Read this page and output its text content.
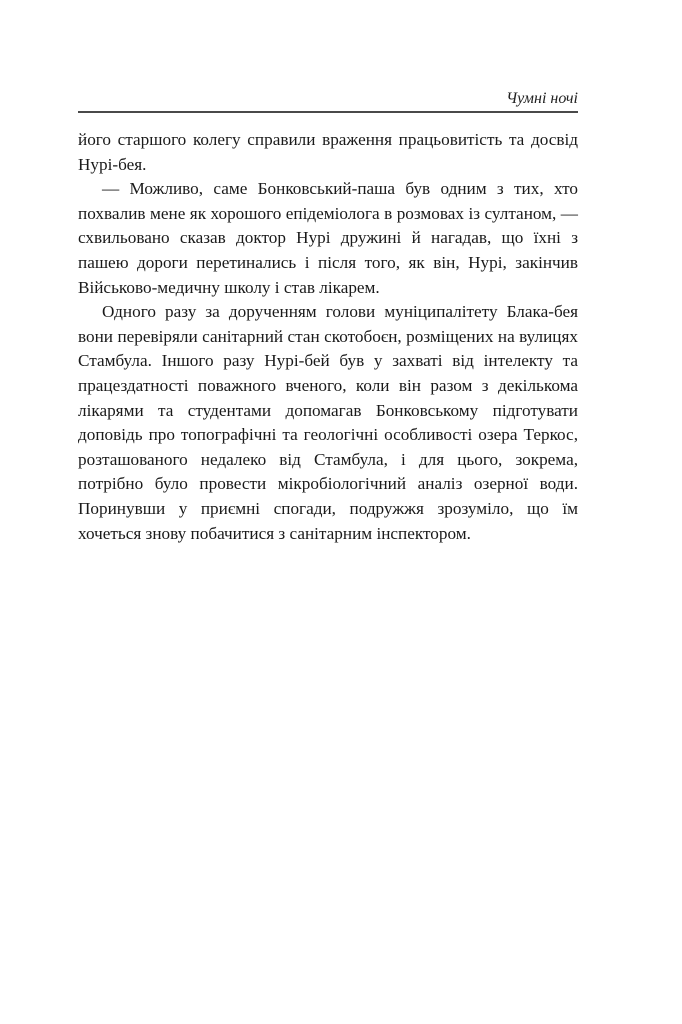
Чумні ночі

його старшого колегу справили враження працьовитість та досвід Нурі-бея.

— Можливо, саме Бонковський-паша був одним з тих, хто похвалив мене як хорошого епідеміолога в розмовах із султаном, — схвильовано сказав доктор Нурі дружині й нагадав, що їхні з пашею дороги перетинались і після того, як він, Нурі, закінчив Військово-медичну школу і став лікарем.

Одного разу за дорученням голови муніципалітету Блака-бея вони перевіряли санітарний стан скотобоєн, розміщених на вулицях Стамбула. Іншого разу Нурі-бей був у захваті від інтелекту та працездатності поважного вченого, коли він разом з декількома лікарями та студентами допомагав Бонковському підготувати доповідь про топографічні та геологічні особливості озера Теркос, розташованого недалеко від Стамбула, і для цього, зокрема, потрібно було провести мікробіологічний аналіз озерної води. Поринувши у приємні спогади, подружжя зрозуміло, що їм хочеться знову побачитися з санітарним інспектором.
